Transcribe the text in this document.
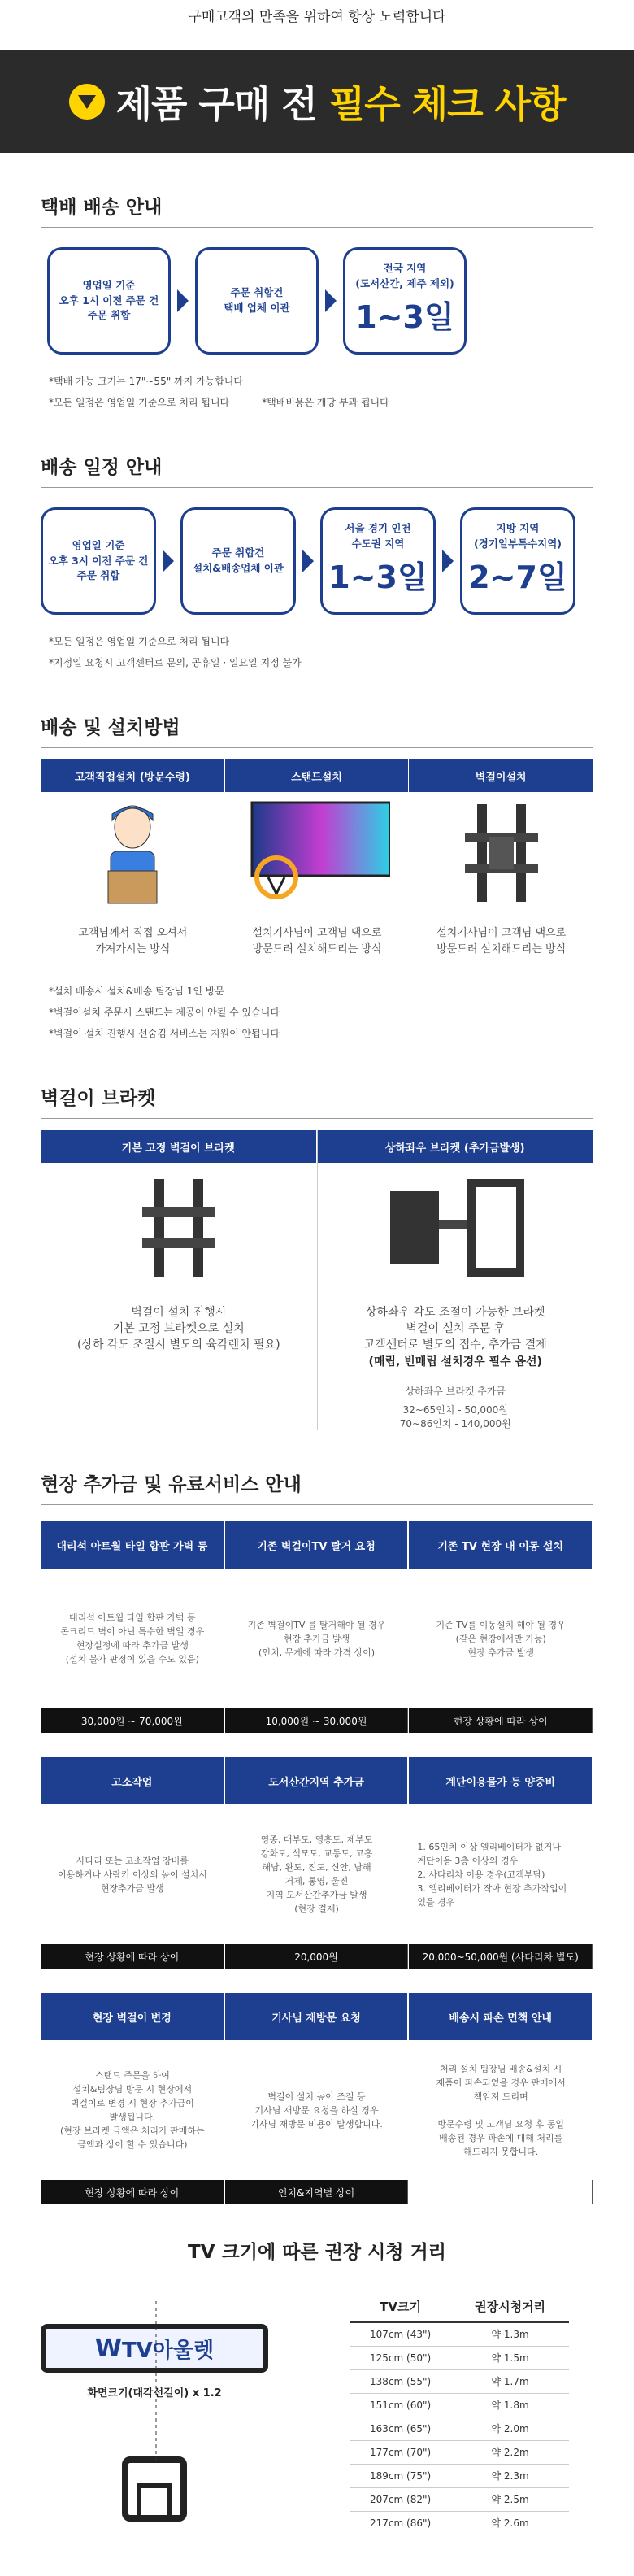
구매고객의 만족을 위하여 항상 노력합니다
제품 구매 전 필수 체크 사항
택배 배송 안내
영업일 기준
오후 1시 이전 주문 건
주문 취합
주문 취합건
택배 업체 이관
전국 지역
(도서산간, 제주 제외)
1~3일
*택배 가능 크기는 17"~55" 까지 가능합니다
*모든 일정은 영업일 기준으로 처리 됩니다	*택배비용은 개당 부과 됩니다
배송 일정 안내
영업일 기준
오후 3시 이전 주문 건
주문 취합
주문 취합건
설치&배송업체 이관
서울 경기 인천
수도권 지역
1~3일
지방 지역
(경기일부특수지역)
2~7일
*모든 일정은 영업일 기준으로 처리 됩니다
*지정일 요청시 고객센터로 문의, 공휴일 · 일요일 지정 불가
배송 및 설치방법
고객직접설치 (방문수령)
고객님께서 직접 오셔서
가져가시는 방식
스탠드설치
설치기사님이 고객님 댁으로
방문드려 설치해드리는 방식
벽걸이설치
설치기사님이 고객님 댁으로
방문드려 설치해드리는 방식
*설치 배송시 설치&배송 팀장님 1인 방문
*벽걸이설치 주문시 스탠드는 제공이 안될 수 있습니다
*벽걸이 설치 진행시 선숨김 서비스는 지원이 안됩니다
벽걸이 브라켓
기본 고정 벽걸이 브라켓
벽걸이 설치 진행시
기본 고정 브라켓으로 설치
(상하 각도 조절시 별도의 육각렌치 필요)
상하좌우 브라켓 (추가금발생)
상하좌우 각도 조절이 가능한 브라켓
벽걸이 설치 주문 후
고객센터로 별도의 접수, 추가금 결제
(매립, 빈매립 설치경우 필수 옵션)
상하좌우 브라켓 추가금
32~65인치 - 50,000원
70~86인치 - 140,000원
현장 추가금 및 유료서비스 안내
대리석 아트월 타일 합판 가벽 등
대리석 아트월 타일 합판 가벽 등
콘크리트 벽이 아닌 특수한 벽일 경우
현장설정에 따라 추가금 발생
(설치 불가 판정이 있을 수도 있음)
30,000원 ~ 70,000원
기존 벽걸이TV 탈거 요청
기존 벽걸이TV 를 탈거해야 될 경우
현장 추가금 발생
(인치, 무게에 따라 가격 상이)
10,000원 ~ 30,000원
기존 TV 현장 내 이동 설치
기존 TV를 이동설치 해야 될 경우
(같은 현장에서만 가능)
현장 추가금 발생
현장 상황에 따라 상이
고소작업
사다리 또는 고소작업 장비를
이용하거나 사람키 이상의 높이 설치시
현장추가금 발생
현장 상황에 따라 상이
도서산간지역 추가금
영종, 대부도, 영흥도, 제부도
강화도, 석모도, 교동도, 고흥
해남, 완도, 진도, 신안, 남해
거제, 통영, 울진
지역 도서산간추가금 발생
(현장 결제)
20,000원
계단이용물가 등 양중비
1. 65인치 이상 엘리베이터가 없거나
계단이용 3층 이상의 경우
2. 사다리차 이용 경우(고객부담)
3. 엘리베이터가 작아 현장 추가작업이
있을 경우
20,000~50,000원 (사다리차 별도)
현장 벽걸이 변경
스탠드 주문을 하여
설치&팀장님 방문 시 현장에서
벽걸이로 변경 시 현장 추가금이
발생됩니다.
(현장 브라켓 금액은 처리가 판매하는
금액과 상이 할 수 있습니다)
현장 상황에 따라 상이
기사님 재방문 요청
벽걸이 설치 높이 조절 등
기사님 재방문 요청을 하실 경우
기사님 재방문 비용이 발생합니다.
인치&지역별 상이
배송시 파손 면책 안내
처리 설치 팀장님 배송&설치 시
제품이 파손되었을 경우 판매에서
책임져 드리며

방문수령 및 고객님 요청 후 동일
배송된 경우 파손에 대해 처리를
해드리지 못합니다.
TV 크기에 따른 권장 시청 거리
W TV아울렛
화면크기(대각선길이) x 1.2
TV크기	권장시청거리
107cm (43")	약 1.3m
125cm (50")	약 1.5m
138cm (55")	약 1.7m
151cm (60")	약 1.8m
163cm (65")	약 2.0m
177cm (70")	약 2.2m
189cm (75")	약 2.3m
207cm (82")	약 2.5m
217cm (86")	약 2.6m
